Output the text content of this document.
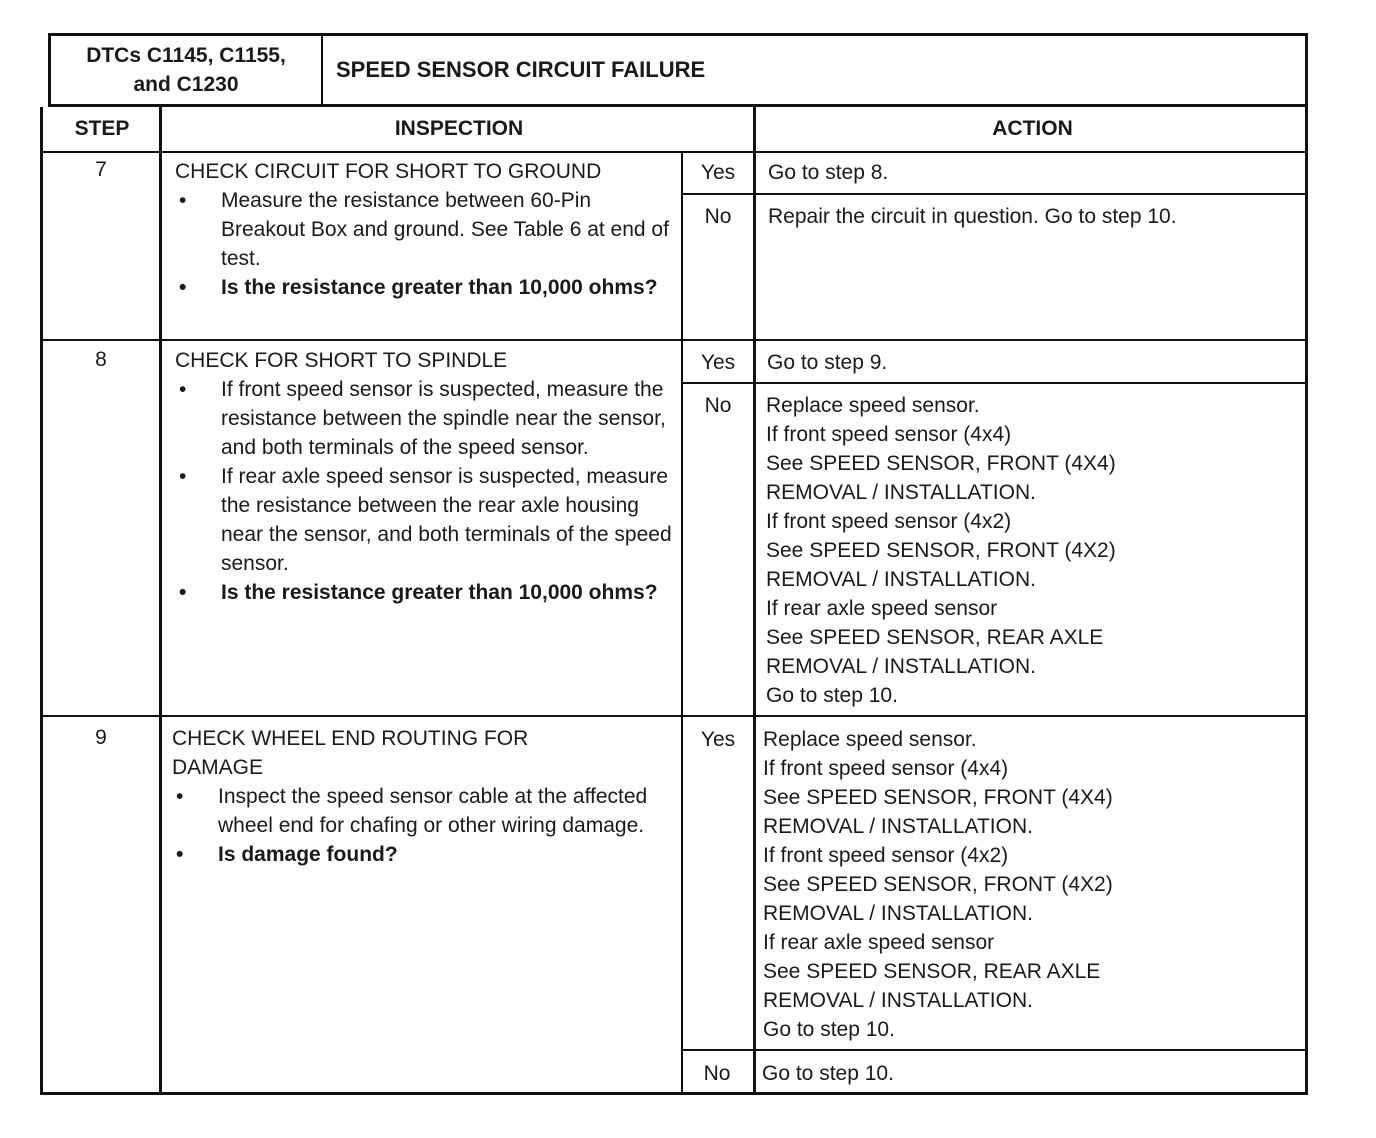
DTCs C1145, C1155,
and C1230
SPEED SENSOR CIRCUIT FAILURE
STEP	INSPECTION	ACTION
7	CHECK CIRCUIT FOR SHORT TO GROUND
• Measure the resistance between 60-Pin Breakout Box and ground. See Table 6 at end of test.
• Is the resistance greater than 10,000 ohms?
Yes	Go to step 8.
No	Repair the circuit in question. Go to step 10.
8	CHECK FOR SHORT TO SPINDLE
• If front speed sensor is suspected, measure the resistance between the spindle near the sensor, and both terminals of the speed sensor.
• If rear axle speed sensor is suspected, measure the resistance between the rear axle housing near the sensor, and both terminals of the speed sensor.
• Is the resistance greater than 10,000 ohms?
Yes	Go to step 9.
No	Replace speed sensor.
If front speed sensor (4x4)
See SPEED SENSOR, FRONT (4X4)
REMOVAL / INSTALLATION.
If front speed sensor (4x2)
See SPEED SENSOR, FRONT (4X2)
REMOVAL / INSTALLATION.
If rear axle speed sensor
See SPEED SENSOR, REAR AXLE
REMOVAL / INSTALLATION.
Go to step 10.
9	CHECK WHEEL END ROUTING FOR
DAMAGE
• Inspect the speed sensor cable at the affected wheel end for chafing or other wiring damage.
• Is damage found?
Yes	Replace speed sensor.
If front speed sensor (4x4)
See SPEED SENSOR, FRONT (4X4)
REMOVAL / INSTALLATION.
If front speed sensor (4x2)
See SPEED SENSOR, FRONT (4X2)
REMOVAL / INSTALLATION.
If rear axle speed sensor
See SPEED SENSOR, REAR AXLE
REMOVAL / INSTALLATION.
Go to step 10.
No	Go to step 10.
